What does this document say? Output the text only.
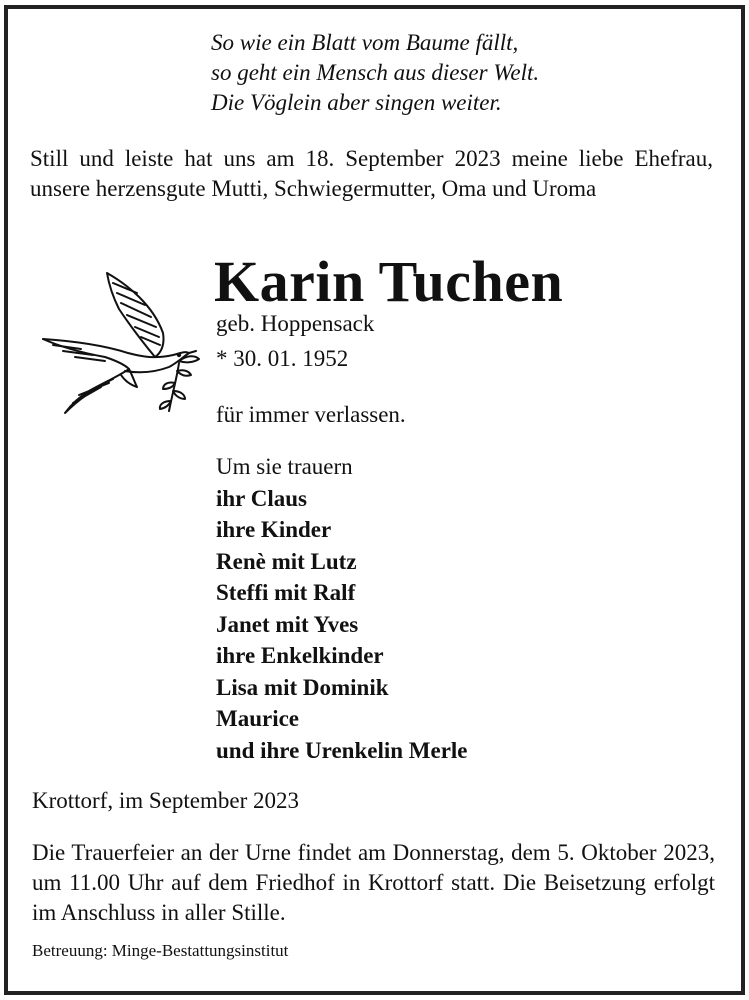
So wie ein Blatt vom Baume fällt,
so geht ein Mensch aus dieser Welt.
Die Vöglein aber singen weiter.
Still und leiste hat uns am 18. September 2023 meine liebe Ehefrau, unsere herzensgute Mutti, Schwiegermutter, Oma und Uroma
Karin Tuchen
geb. Hoppensack
* 30. 01. 1952
für immer verlassen.
Um sie trauern
ihr Claus
ihre Kinder
Renè mit Lutz
Steffi mit Ralf
Janet mit Yves
ihre Enkelkinder
Lisa mit Dominik
Maurice
und ihre Urenkelin Merle
Krottorf, im September 2023
Die Trauerfeier an der Urne findet am Donnerstag, dem 5. Oktober 2023, um 11.00 Uhr auf dem Friedhof in Krottorf statt. Die Beisetzung erfolgt im Anschluss in aller Stille.
Betreuung: Minge-Bestattungsinstitut
